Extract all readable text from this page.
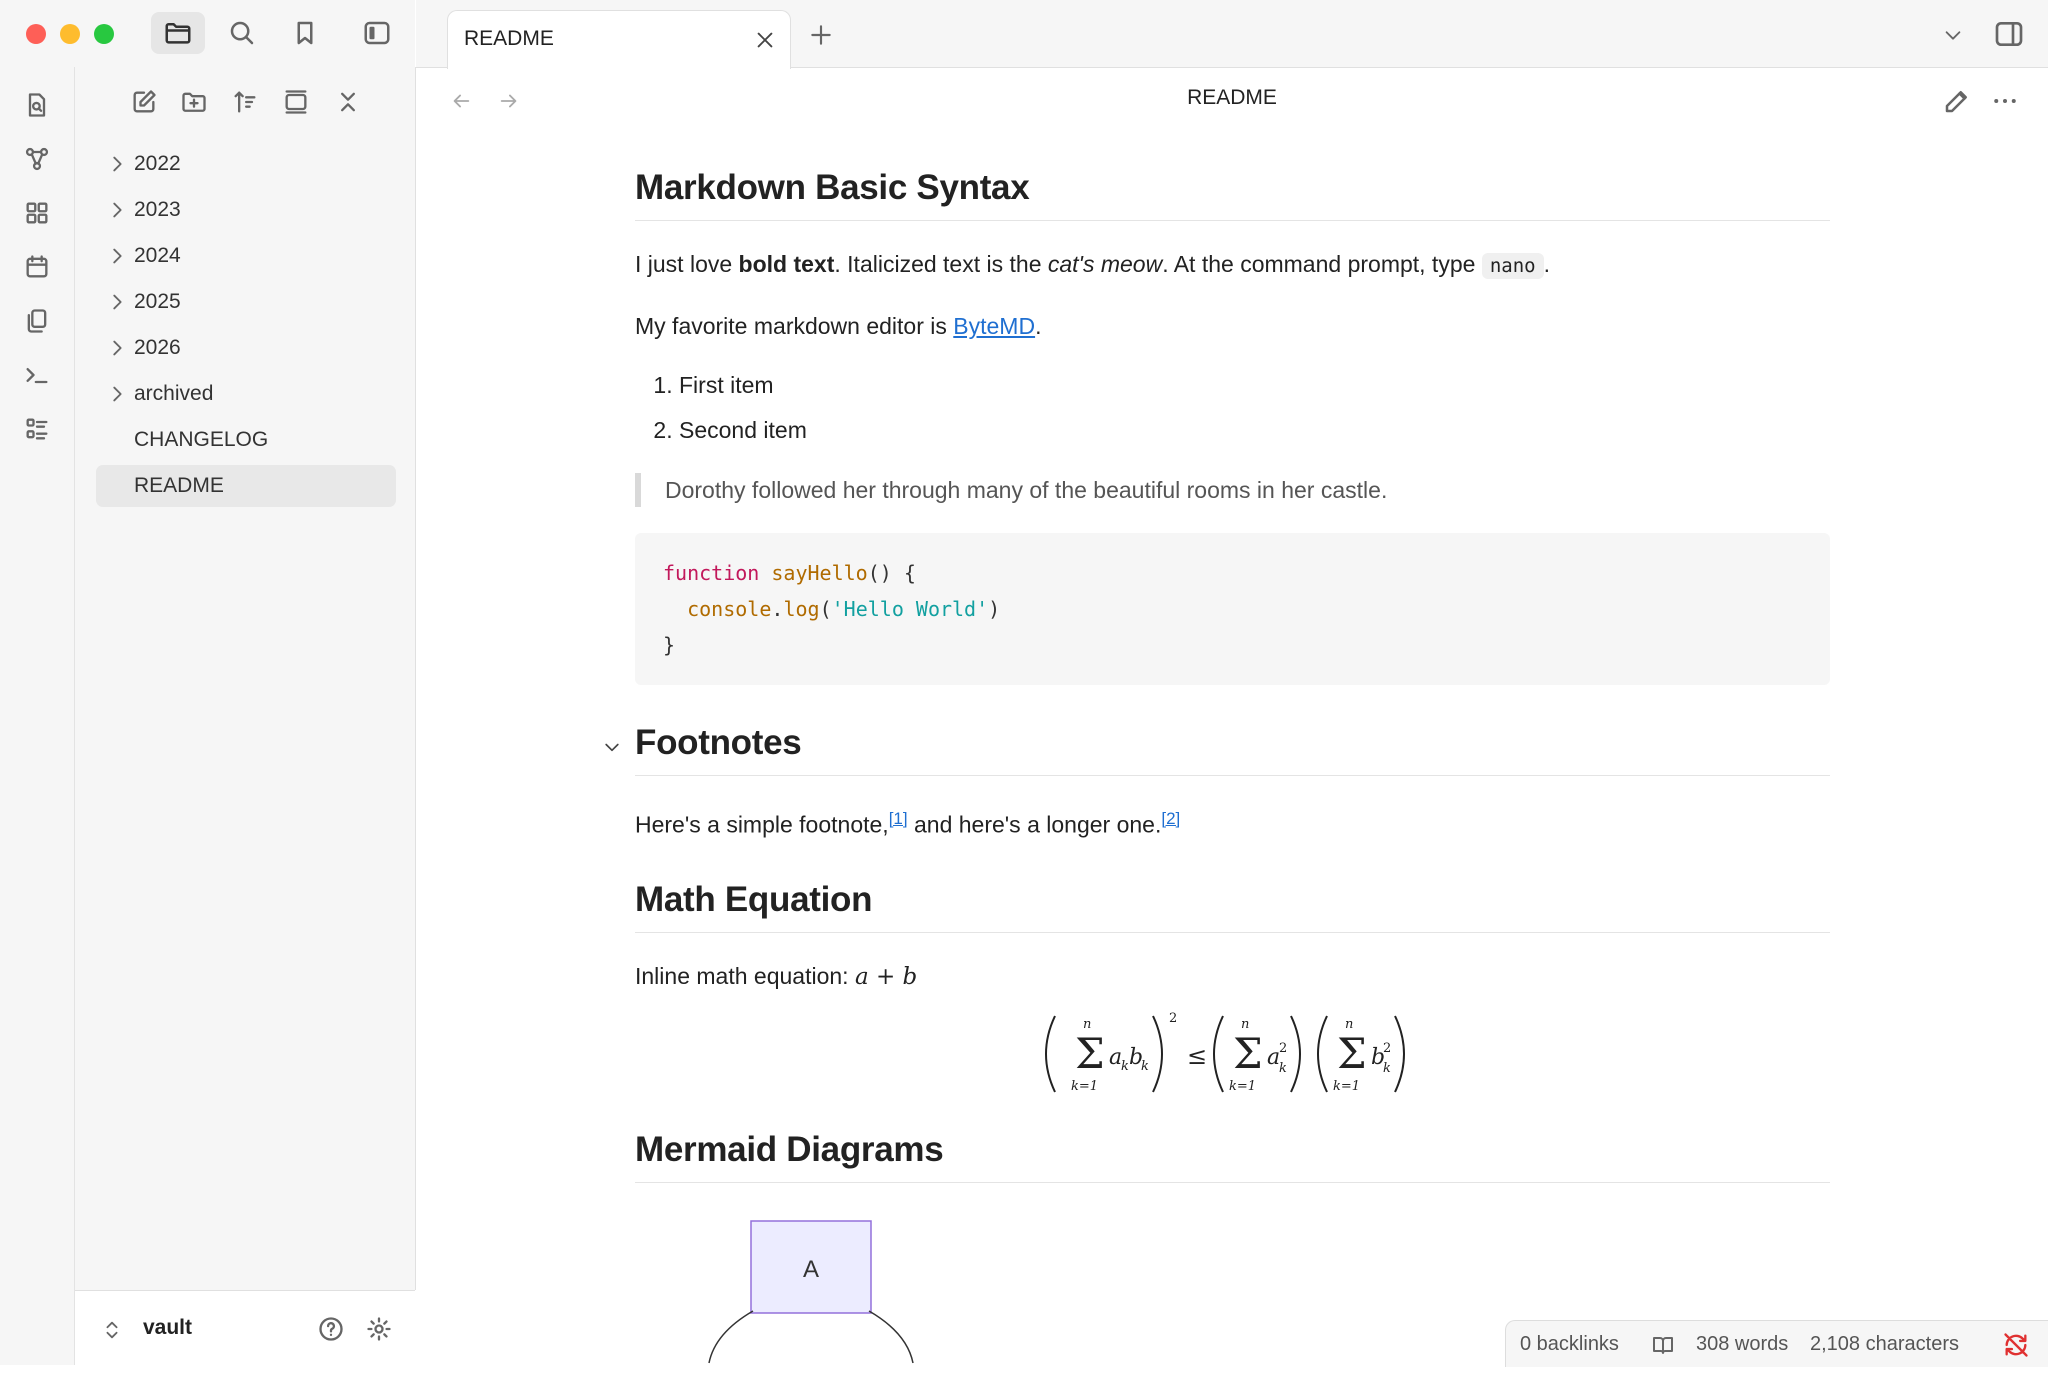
README
2022
2023
2024
2025
2026
archived
CHANGELOG
README
vault
README
Markdown Basic Syntax

I just love bold text. Italicized text is the cat's meow. At the command prompt, type nano .

My favorite markdown editor is ByteMD.

1. First item
2. Second item
Dorothy followed her through many of the beautiful rooms in her castle.
function sayHello() {
console.log('Hello World')
}
Footnotes

Here's a simple footnote,[1] and here's a longer one.[2]

Math Equation

Inline math equation: a + b

Σ
n
k=1
a
k b
k
2
≤ Σ
n
k=1
a
2
k Σ
n
k=1
b
2
k
Mermaid Diagrams
A
0 backlinks	308 words 2,108 characters
